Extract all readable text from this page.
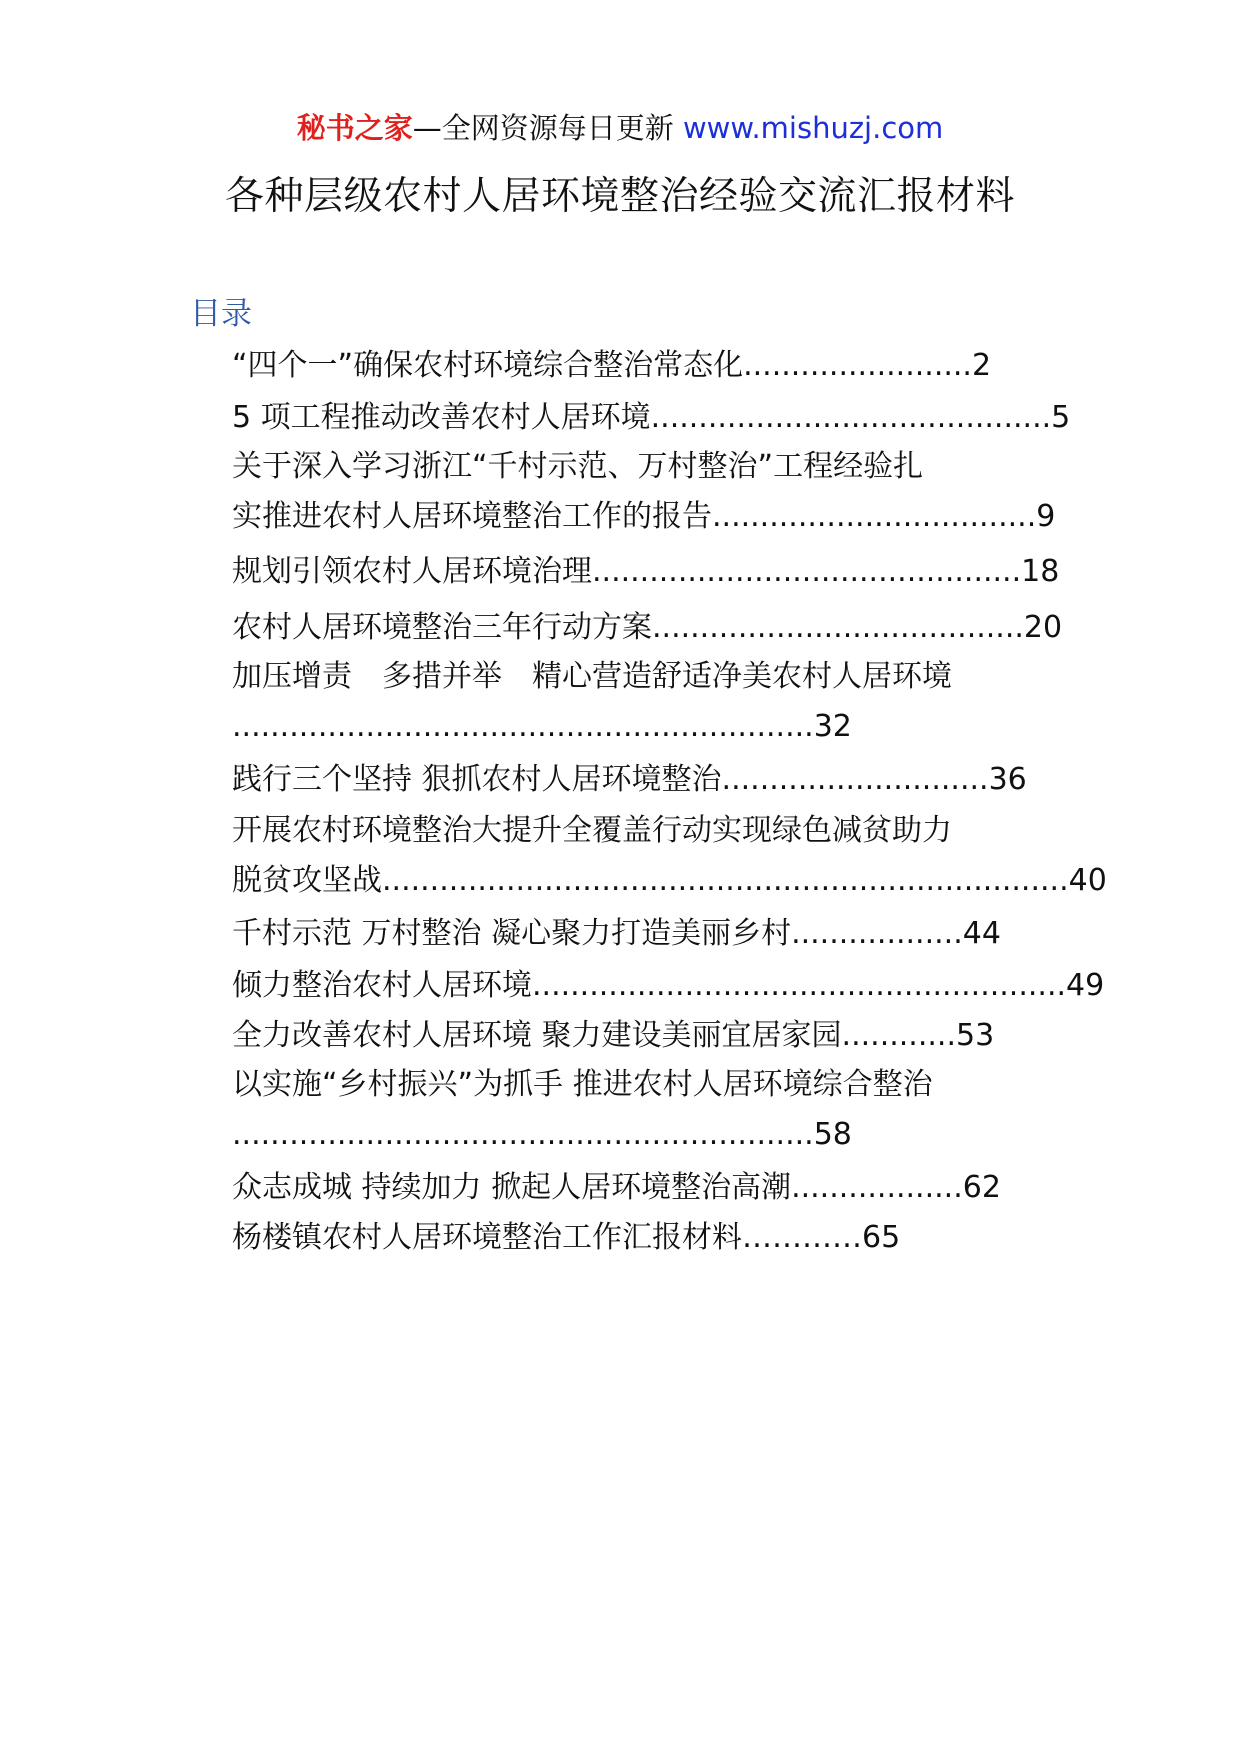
秘书之家—全网资源每日更新 www.mishuzj.com
各种层级农村人居环境整治经验交流汇报材料
目录
“四个一”确保农村环境综合整治常态化........................2
5 项工程推动改善农村人居环境..........................................5
关于深入学习浙江“千村示范、万村整治”工程经验扎
实推进农村人居环境整治工作的报告..................................9
规划引领农村人居环境治理.............................................18
农村人居环境整治三年行动方案.......................................20
加压增责　多措并举　精心营造舒适净美农村人居环境
.............................................................32
践行三个坚持 狠抓农村人居环境整治............................36
开展农村环境整治大提升全覆盖行动实现绿色减贫助力
脱贫攻坚战........................................................................40
千村示范 万村整治 凝心聚力打造美丽乡村..................44
倾力整治农村人居环境........................................................49
全力改善农村人居环境 聚力建设美丽宜居家园............53
以实施“乡村振兴”为抓手 推进农村人居环境综合整治
.............................................................58
众志成城 持续加力 掀起人居环境整治高潮..................62
杨楼镇农村人居环境整治工作汇报材料…………65
